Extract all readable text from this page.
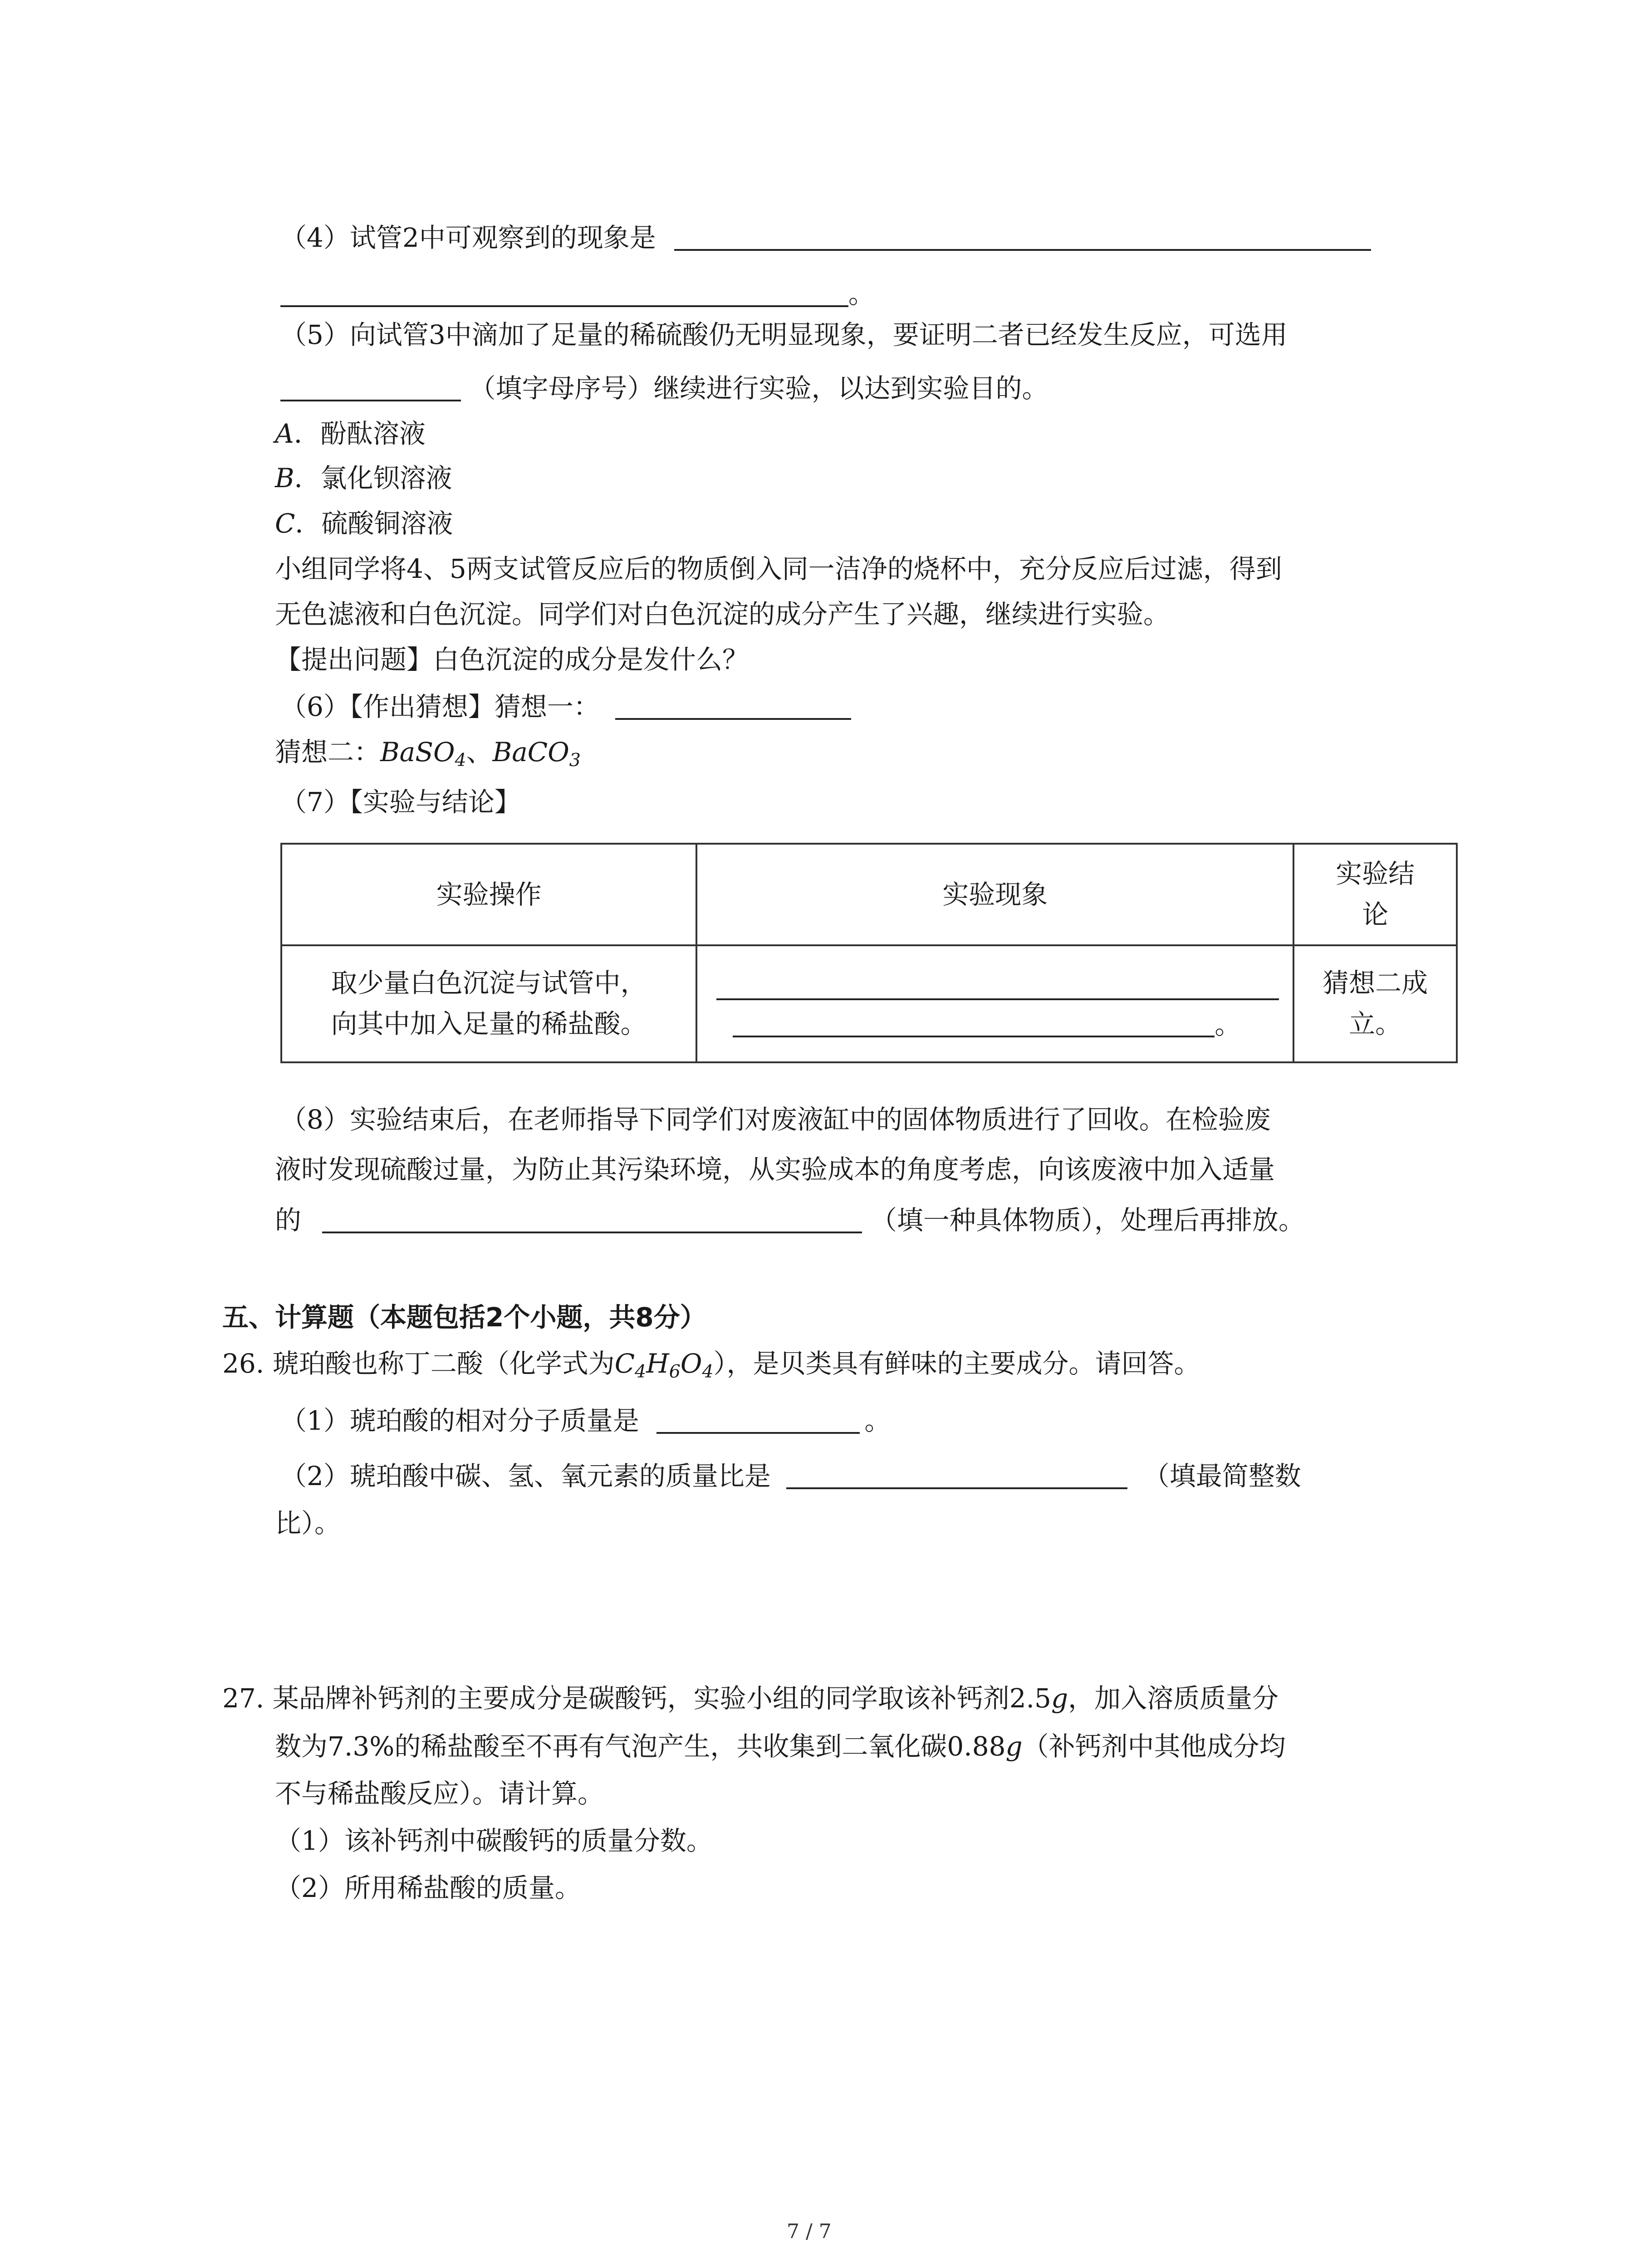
（4）试管2中可观察到的现象是
。
（5）向试管3中滴加了足量的稀硫酸仍无明显现象，要证明二者已经发生反应，可选用
（填字母序号）继续进行实验，以达到实验目的。
A．酚酞溶液
B．氯化钡溶液
C．硫酸铜溶液
小组同学将4、5两支试管反应后的物质倒入同一洁净的烧杯中，充分反应后过滤，得到
无色滤液和白色沉淀。同学们对白色沉淀的成分产生了兴趣，继续进行实验。
【提出问题】白色沉淀的成分是发什么？
（6）【作出猜想】猜想一：
猜想二：BaSO$_4$、BaCO$_3$
（7）【实验与结论】
实验操作	实验现象	实验结
论
取少量白色沉淀与试管中，
向其中加入足量的稀盐酸。	。	猜想二成
立。
（8）实验结束后，在老师指导下同学们对废液缸中的固体物质进行了回收。在检验废
液时发现硫酸过量，为防止其污染环境，从实验成本的角度考虑，向该废液中加入适量
的	（填一种具体物质），处理后再排放。
五、计算题（本题包括2个小题，共8分）
26. 琥珀酸也称丁二酸（化学式为$C_4H_6O_4$），是贝类具有鲜味的主要成分。请回答。
（1）琥珀酸的相对分子质量是	。
（2）琥珀酸中碳、氢、氧元素的质量比是	（填最简整数
比）。
27. 某品牌补钙剂的主要成分是碳酸钙，实验小组的同学取该补钙剂2.5g，加入溶质质量分
数为7.3%的稀盐酸至不再有气泡产生，共收集到二氧化碳0.88g（补钙剂中其他成分均
不与稀盐酸反应）。请计算。
（1）该补钙剂中碳酸钙的质量分数。
（2）所用稀盐酸的质量。
7 / 7
